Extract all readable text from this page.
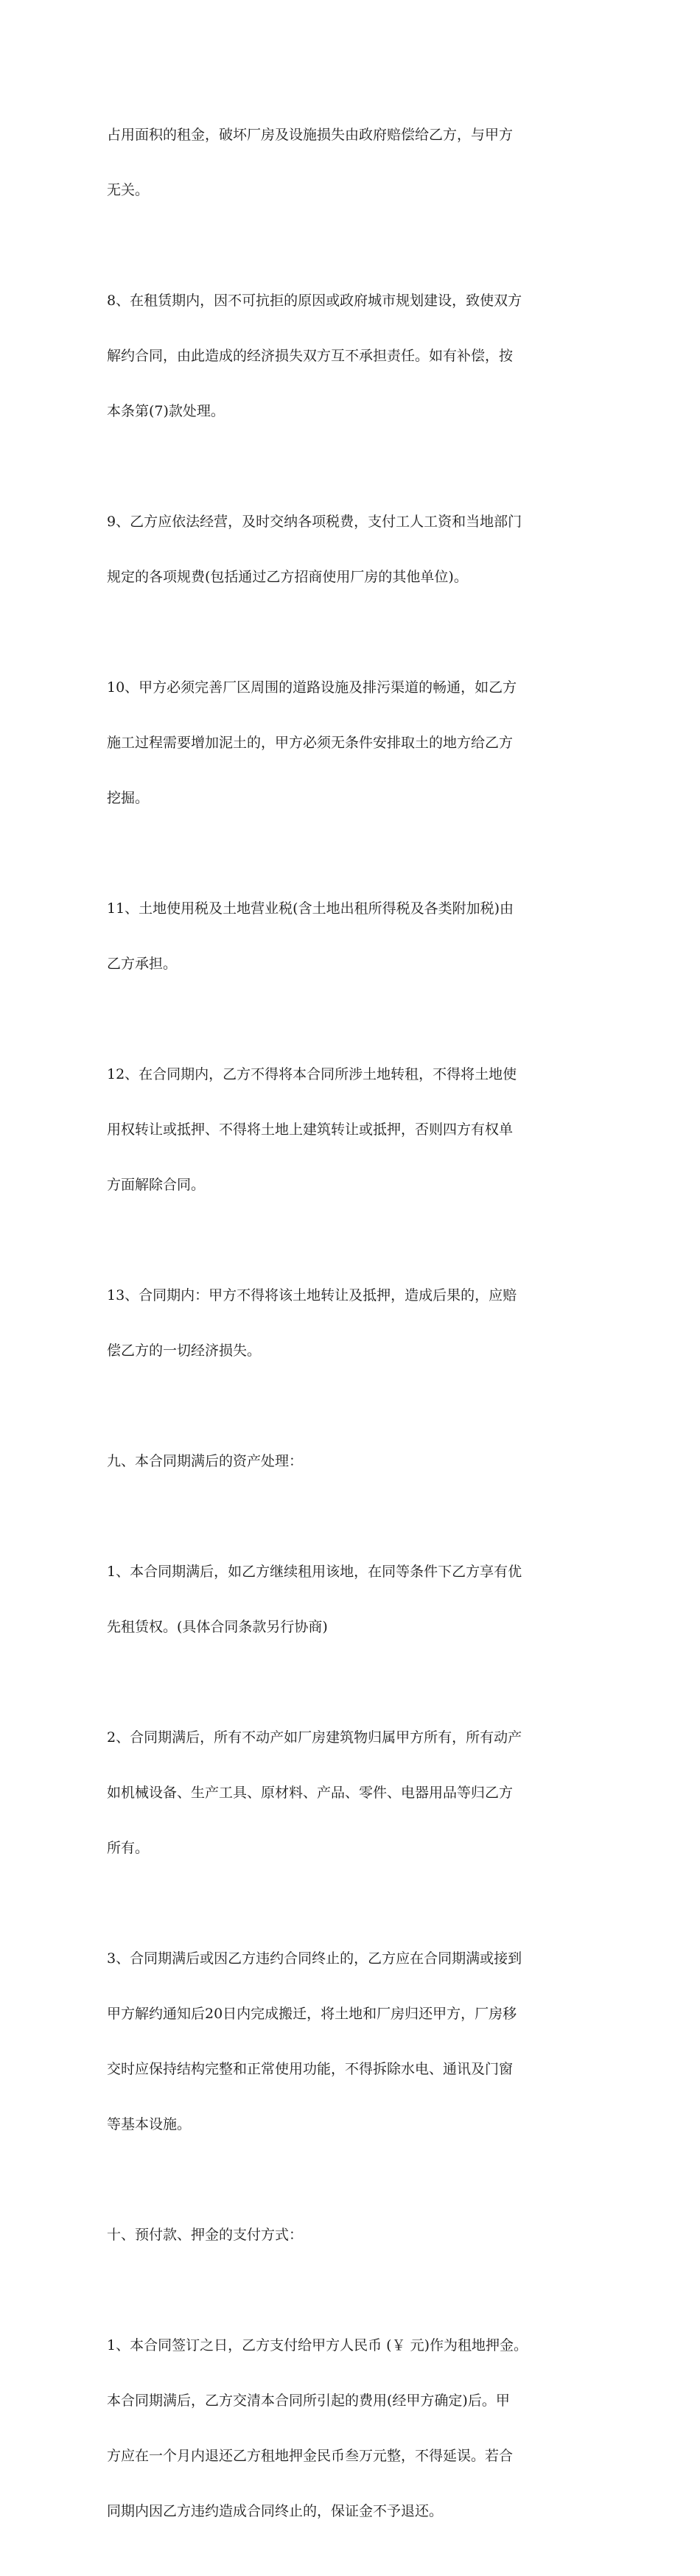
占用面积的租金，破坏厂房及设施损失由政府赔偿给乙方，与甲方

无关。

8、在租赁期内，因不可抗拒的原因或政府城市规划建设，致使双方

解约合同，由此造成的经济损失双方互不承担责任。如有补偿，按

本条第(7)款处理。

9、乙方应依法经营，及时交纳各项税费，支付工人工资和当地部门

规定的各项规费(包括通过乙方招商使用厂房的其他单位)。

10、甲方必须完善厂区周围的道路设施及排污渠道的畅通，如乙方

施工过程需要增加泥土的，甲方必须无条件安排取土的地方给乙方

挖掘。

11、土地使用税及土地营业税(含土地出租所得税及各类附加税)由

乙方承担。

12、在合同期内，乙方不得将本合同所涉土地转租，不得将土地使

用权转让或抵押、不得将土地上建筑转让或抵押，否则四方有权单

方面解除合同。

13、合同期内：甲方不得将该土地转让及抵押，造成后果的，应赔

偿乙方的一切经济损失。

九、本合同期满后的资产处理：

1、本合同期满后，如乙方继续租用该地，在同等条件下乙方享有优

先租赁权。(具体合同条款另行协商)

2、合同期满后，所有不动产如厂房建筑物归属甲方所有，所有动产

如机械设备、生产工具、原材料、产品、零件、电器用品等归乙方

所有。

3、合同期满后或因乙方违约合同终止的，乙方应在合同期满或接到

甲方解约通知后20日内完成搬迁，将土地和厂房归还甲方，厂房移

交时应保持结构完整和正常使用功能，不得拆除水电、通讯及门窗

等基本设施。

十、预付款、押金的支付方式：

1、本合同签订之日，乙方支付给甲方人民币 (￥ 元)作为租地押金。

本合同期满后，乙方交清本合同所引起的费用(经甲方确定)后。甲

方应在一个月内退还乙方租地押金民币叁万元整，不得延误。若合

同期内因乙方违约造成合同终止的，保证金不予退还。
